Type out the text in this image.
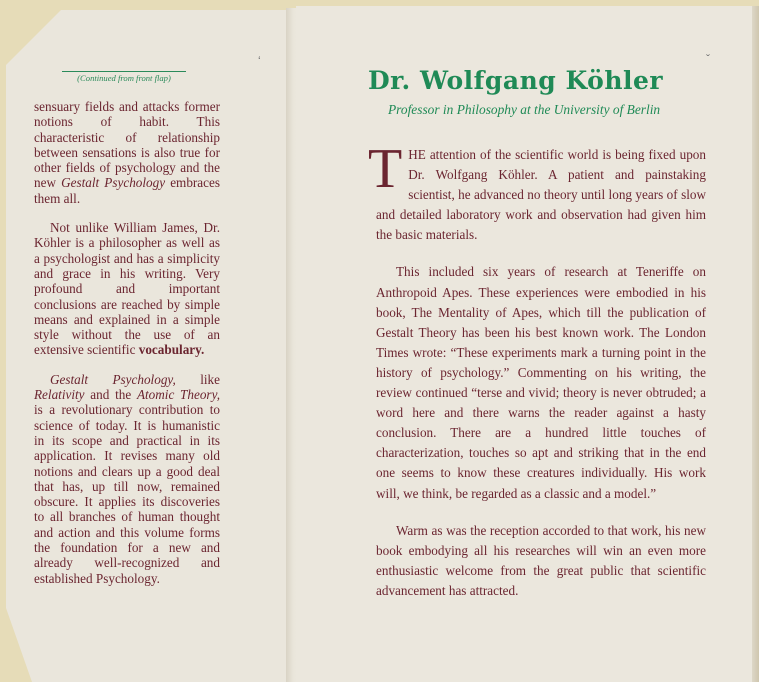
(Continued from front flap)

sensuary fields and attacks former notions of habit. This characteristic of relationship between sensations is also true for other fields of psychology and the new Gestalt Psychology embraces them all.

Not unlike William James, Dr. Köhler is a philosopher as well as a psychologist and has a simplicity and grace in his writing. Very profound and important conclusions are reached by simple means and explained in a simple style without the use of an extensive scientific vocabulary.

Gestalt Psychology, like Relativity and the Atomic Theory, is a revolutionary contribution to science of today. It is humanistic in its scope and practical in its application. It revises many old notions and clears up a good deal that has, up till now, remained obscure. It applies its discoveries to all branches of human thought and action and this volume forms the foundation for a new and already well-recognized and established Psychology.

Dr. Wolfgang Köhler
Professor in Philosophy at the University of Berlin

THE attention of the scientific world is being fixed upon Dr. Wolfgang Köhler. A patient and painstaking scientist, he advanced no theory until long years of slow and detailed laboratory work and observation had given him the basic materials.

This included six years of research at Teneriffe on Anthropoid Apes. These experiences were embodied in his book, The Mentality of Apes, which till the publication of Gestalt Theory has been his best known work. The London Times wrote: “These experiments mark a turning point in the history of psychology.” Commenting on his writing, the review continued “terse and vivid; theory is never obtruded; a word here and there warns the reader against a hasty conclusion. There are a hundred little touches of characterization, touches so apt and striking that in the end one seems to know these creatures individually. His work will, we think, be regarded as a classic and a model.”

Warm as was the reception accorded to that work, his new book embodying all his researches will win an even more enthusiastic welcome from the great public that scientific advancement has attracted.

ʻ	ˇ
